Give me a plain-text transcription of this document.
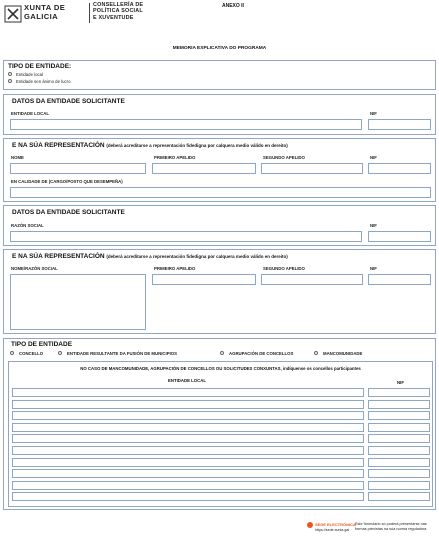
XUNTA DE GALICIA
CONSELLERÍA DE
POLÍTICA SOCIAL
E XUVENTUDE
ANEXO II
MEMORIA EXPLICATIVA DO PROGRAMA
TIPO DE ENTIDADE:
Entidade local
Entidade sen ánimo de lucro
DATOS DA ENTIDADE SOLICITANTE
ENTIDADE LOCAL	NIF
E NA SÚA REPRESENTACIÓN (deberá acreditarse a representación fidedigna por calquera medio válido en dereito)
NOME	PRIMEIRO APELIDO	SEGUNDO APELIDO	NIF
EN CALIDADE DE (CARGO/POSTO QUE DESEMPEÑA)
DATOS DA ENTIDADE SOLICITANTE
RAZÓN SOCIAL	NIF
E NA SÚA REPRESENTACIÓN (deberá acreditarse a representación fidedigna por calquera medio válido en dereito)
NOME/RAZÓN SOCIAL	PRIMEIRO APELIDO	SEGUNDO APELIDO	NIF
TIPO DE ENTIDADE
CONCELLO	ENTIDADE RESULTANTE DA FUSIÓN DE MUNICIPIOS	AGRUPACIÓN DE CONCELLOS	MANCOMUNIDADE
NO CASO DE MANCOMUNIDADE, AGRUPACIÓN DE CONCELLOS OU SOLICITUDES CONXUNTAS, indíquense os concellos participantes
ENTIDADE LOCAL	NIF
SEDE ELECTRÓNICA
https://sede.xunta.gal
Este formulario só poderá presentarse nas formas previstas na súa norma reguladora
